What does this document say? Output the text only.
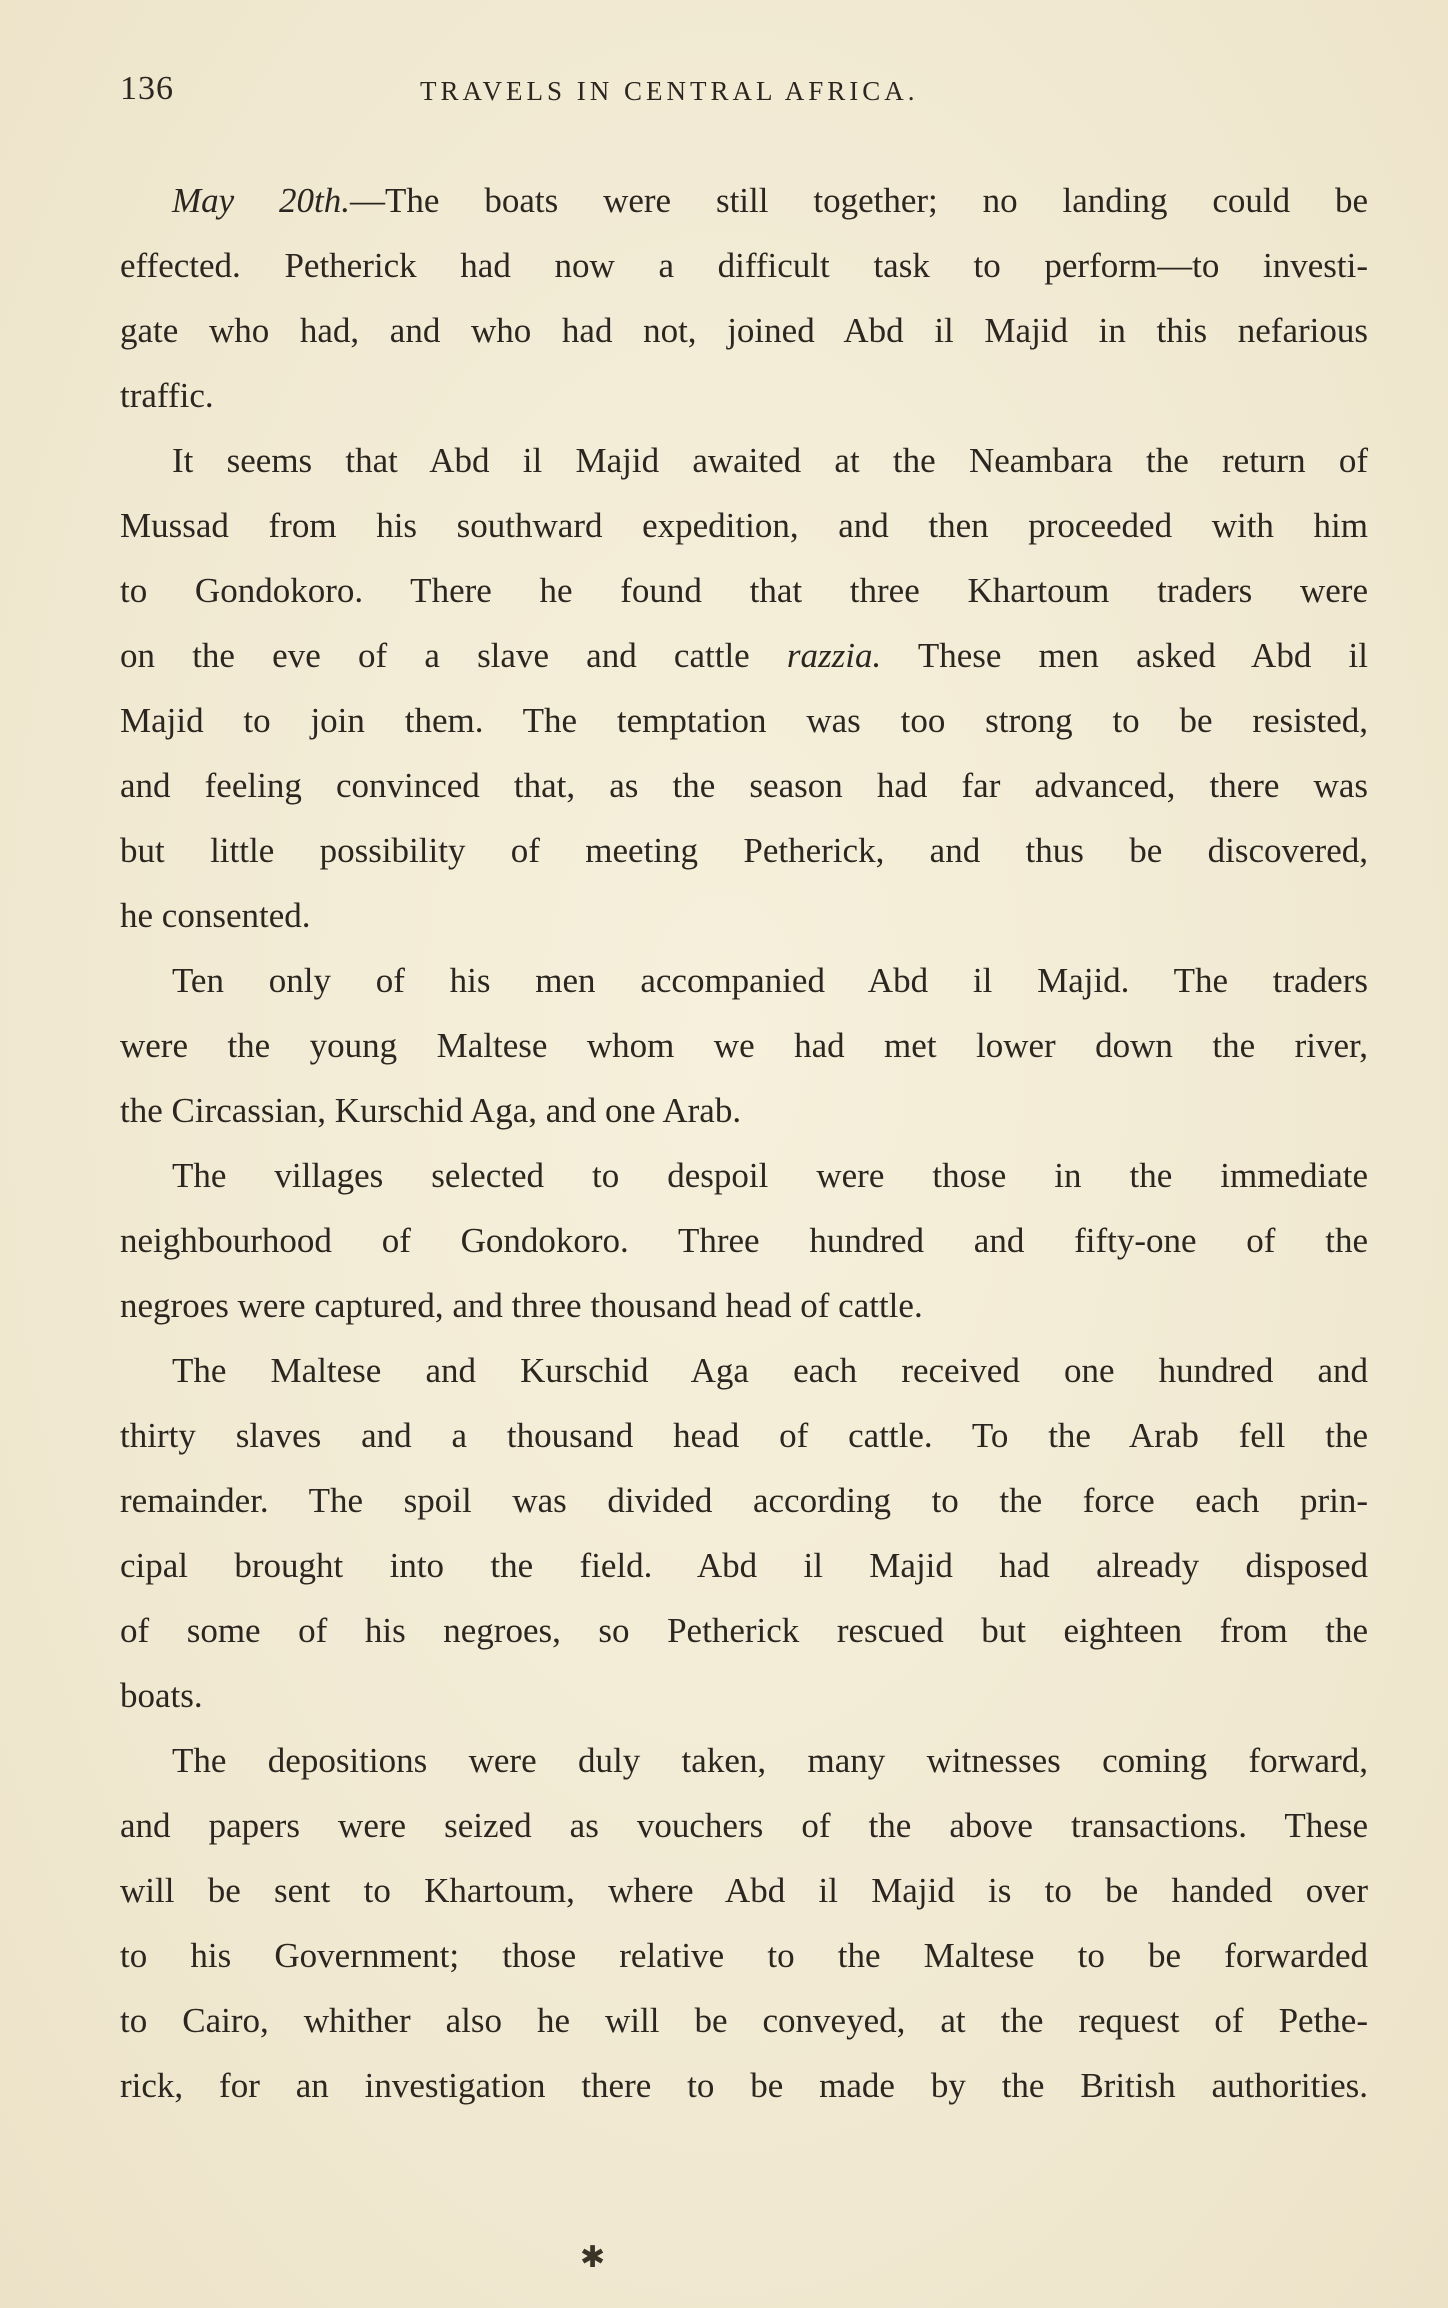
136	TRAVELS IN CENTRAL AFRICA.
May 20th.—The boats were still together; no landing could be
effected. Petherick had now a difficult task to perform—to investi-
gate who had, and who had not, joined Abd il Majid in this nefarious
traffic.
It seems that Abd il Majid awaited at the Neambara the return of
Mussad from his southward expedition, and then proceeded with him
to Gondokoro. There he found that three Khartoum traders were
on the eve of a slave and cattle razzia. These men asked Abd il
Majid to join them. The temptation was too strong to be resisted,
and feeling convinced that, as the season had far advanced, there was
but little possibility of meeting Petherick, and thus be discovered,
he consented.
Ten only of his men accompanied Abd il Majid. The traders
were the young Maltese whom we had met lower down the river,
the Circassian, Kurschid Aga, and one Arab.
The villages selected to despoil were those in the immediate
neighbourhood of Gondokoro. Three hundred and fifty-one of the
negroes were captured, and three thousand head of cattle.
The Maltese and Kurschid Aga each received one hundred and
thirty slaves and a thousand head of cattle. To the Arab fell the
remainder. The spoil was divided according to the force each prin-
cipal brought into the field. Abd il Majid had already disposed
of some of his negroes, so Petherick rescued but eighteen from the
boats.
The depositions were duly taken, many witnesses coming forward,
and papers were seized as vouchers of the above transactions. These
will be sent to Khartoum, where Abd il Majid is to be handed over
to his Government; those relative to the Maltese to be forwarded
to Cairo, whither also he will be conveyed, at the request of Pethe-
rick, for an investigation there to be made by the British authorities.
✱
